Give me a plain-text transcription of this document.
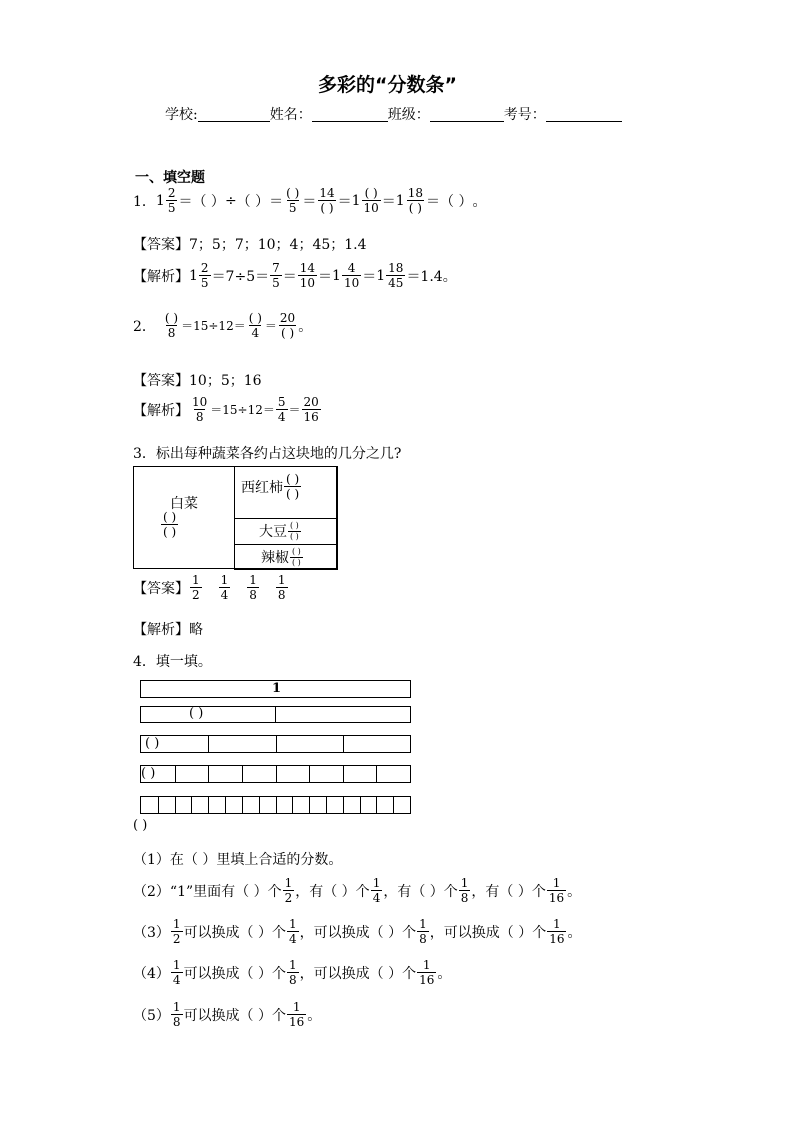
多彩的“分数条”
学校:	姓名：	班级：	考号：
一、填空题
1． $1 \frac{2}{5}$ ＝ （ ） ÷ （ ） ＝ $\frac{( )}{5} = \frac{14}{( )} = 1 \frac{( )}{10} = 1 \frac{18}{( )}$ ＝ （ ） 。
【答案】 7；5；7；10；4；45；1.4
【解析】 $1 \frac{2}{5} =7\div 5= \frac{7}{5} = \frac{14}{10} = 1 \frac{4}{10} = 1 \frac{18}{45} =1.4$。
2． $\frac{( )}{8} =15\div 12= \frac{( )}{4} = \frac{20}{( )}$ 。
【答案】 10；5；16
【解析】 $\frac{10}{8} =15\div 12= \frac{5}{4} = \frac{20}{16}$
3．标出每种蔬菜各约占这块地的几分之几?
白菜
$\frac{( )}{( )}$
西红柿 $\frac{( )}{( )}$
大豆 $\frac{( )}{( )}$
辣椒 $\frac{( )}{( )}$
【答案】 $\frac{1}{2} \frac{1}{4} \frac{1}{8} \frac{1}{8}$
【解析】 略
4．填一填。
1
( )
( )
( )
( )
（1）在（ ）里填上合适的分数。
（2）“1”里面有（ ）个 $\frac{1}{2}$ ，有（ ）个 $\frac{1}{4}$ ，有（ ）个 $\frac{1}{8}$ ，有（ ）个 $\frac{1}{16}$ 。
$(3) \frac{1}{2}$ 可以换成（ ）个 $\frac{1}{4}$ ，可以换成（ ）个 $\frac{1}{8}$ ，可以换成（ ）个 $\frac{1}{16}$ 。
$(4) \frac{1}{4}$ 可以换成（ ）个 $\frac{1}{8}$ ，可以换成（ ）个 $\frac{1}{16}$ 。
$(5) \frac{1}{8}$ 可以换成（ ）个 $\frac{1}{16}$ 。
